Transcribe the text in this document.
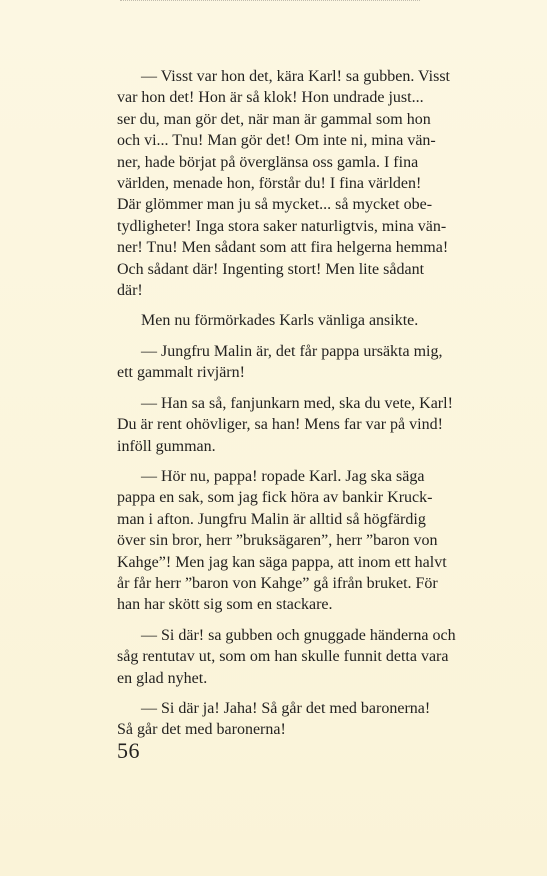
— Visst var hon det, kära Karl! sa gubben. Visst
var hon det! Hon är så klok! Hon undrade just...
ser du, man gör det, när man är gammal som hon
och vi... Tnu! Man gör det! Om inte ni, mina vän-
ner, hade börjat på överglänsa oss gamla. I fina
världen, menade hon, förstår du! I fina världen!
Där glömmer man ju så mycket... så mycket obe-
tydligheter! Inga stora saker naturligtvis, mina vän-
ner! Tnu! Men sådant som att fira helgerna hemma!
Och sådant där! Ingenting stort! Men lite sådant
där!

Men nu förmörkades Karls vänliga ansikte.

— Jungfru Malin är, det får pappa ursäkta mig,
ett gammalt rivjärn!

— Han sa så, fanjunkarn med, ska du vete, Karl!
Du är rent ohövliger, sa han! Mens far var på vind!
inföll gumman.

— Hör nu, pappa! ropade Karl. Jag ska säga
pappa en sak, som jag fick höra av bankir Kruck-
man i afton. Jungfru Malin är alltid så högfärdig
över sin bror, herr ”bruksägaren”, herr ”baron von
Kahge”! Men jag kan säga pappa, att inom ett halvt
år får herr ”baron von Kahge” gå ifrån bruket. För
han har skött sig som en stackare.

— Si där! sa gubben och gnuggade händerna och
såg rentutav ut, som om han skulle funnit detta vara
en glad nyhet.

— Si där ja! Jaha! Så går det med baronerna!
Så går det med baronerna!

56
